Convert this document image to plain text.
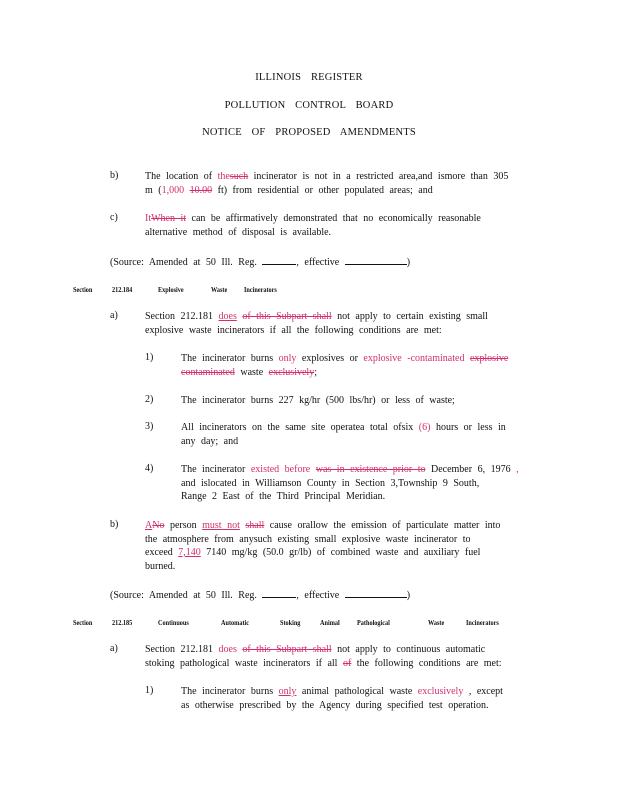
ILLINOIS REGISTER
POLLUTION CONTROL BOARD
NOTICE OF PROPOSED AMENDMENTS
b)	The location of thesuch incinerator is not in a restricted area,and ismore than 305
m (1,000 10.00 ft) from residential or other populated areas; and
c)	ItWhen it can be affirmatively demonstrated that no economically reasonable
alternative method of disposal is available.
(Source: Amended at 50 Ill. Reg.	, effective	)
Section	212.184	Explosive	Waste Incinerators
a)	Section 212.181 does of this Subpart shall not apply to certain existing small
explosive waste incinerators if all the following conditions are met:
1)	The incinerator burns only explosives or explosive -contaminated explosive
contaminated waste exclusively;
2)	The incinerator burns 227 kg/hr (500 lbs/hr) or less of waste;
3)	All incinerators on the same site operatea total ofsix (6) hours or less in
any day; and
4)	The incinerator existed before was in existence prior to December 6, 1976 ,
and islocated in Williamson County in Section 3,Township 9 South,
Range 2 East of the Third Principal Meridian.
b)	ANo person must not shall cause orallow the emission of particulate matter into
the atmosphere from anysuch existing small explosive waste incinerator to
exceed 7,140 7140 mg/kg (50.0 gr/lb) of combined waste and auxiliary fuel
burned.
(Source: Amended at 50 Ill. Reg.	, effective	)
Section	212.185	Continuous	Automatic	Stoking	Animal Pathological	Waste	Incinerators
a)	Section 212.181 does of this Subpart shall not apply to continuous automatic
stoking pathological waste incinerators if all of the following conditions are met:
1)	The incinerator burns only animal pathological waste exclusively , except
as otherwise prescribed by the Agency during specified test operation.
